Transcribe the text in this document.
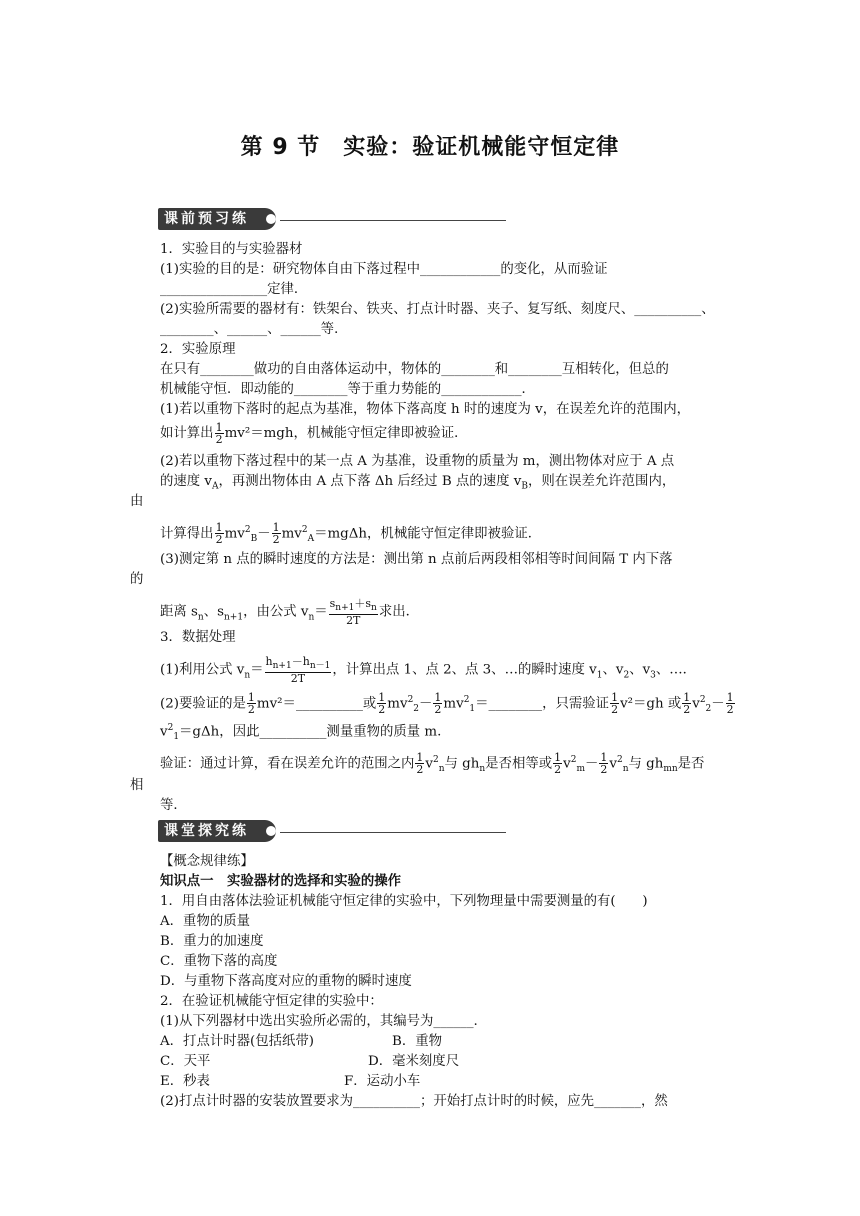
第 9 节　实验：验证机械能守恒定律
课前预习练
1．实验目的与实验器材
(1)实验的目的是：研究物体自由下落过程中____________的变化，从而验证
________________定律．
(2)实验所需要的器材有：铁架台、铁夹、打点计时器、夹子、复写纸、刻度尺、__________、
________、______、______等．
2．实验原理
在只有________做功的自由落体运动中，物体的________和________互相转化，但总的
机械能守恒．即动能的________等于重力势能的____________．
(1)若以重物下落时的起点为基准，物体下落高度 h 时的速度为 v，在误差允许的范围内，
如计算出 $\frac{1}{2} mv^2=mgh$，机械能守恒定律即被验证．
(2)若以重物下落过程中的某一点 A 为基准，设重物的质量为 m，测出物体对应于 A 点
的速度 $v_A$，再测出物体由 A 点下落 Δh 后经过 B 点的速度 $v_B$，则在误差允许范围内，
由
计算得出 $\frac{1}{2} mv^2_B- \frac{1}{2} mv^2_A=mg\Delta h$，机械能守恒定律即被验证．
(3)测定第 n 点的瞬时速度的方法是：测出第 n 点前后两段相邻相等时间间隔 T 内下落
的
距离 $s_n$、$s_{n+1}$，由公式 $v_n= \frac{s_{n+1}+s_n}{2T}$ 求出．
3．数据处理
(1)利用公式 $v_n= \frac{h_{n+1}-h_{n-1}}{2T}$ ，计算出点 1、点 2、点 3、…的瞬时速度 $v_1$、$v_2$、$v_3$、…．
(2)要验证的是 $\frac{1}{2}$ mv²＝__________或 $\frac{1}{2} mv^2_2- \frac{1}{2}$ $mv^2_1=\_\_\_\_\_\_\_\_$，只需验证 $\frac{1}{2} v^2=gh$ 或 $\frac{1}{2} v^2_2- \frac{1}{2}$
$v^2_1=g\Delta h$，因此__________测量重物的质量 m.
验证：通过计算，看在误差允许的范围之内 $\frac{1}{2} v^2_n$与 $gh_n$是否相等或 $\frac{1}{2} v^2_m- \frac{1}{2} v^2_n$与 $gh_{mn}$是否
相
等．
课堂探究练
【概念规律练】
知识点一　实验器材的选择和实验的操作
1．用自由落体法验证机械能守恒定律的实验中，下列物理量中需要测量的有(　　)
A．重物的质量
B．重力的加速度
C．重物下落的高度
D．与重物下落高度对应的重物的瞬时速度
2．在验证机械能守恒定律的实验中：
(1)从下列器材中选出实验所必需的，其编号为______.
A．打点计时器(包括纸带)	B．重物
C．天平	D．毫米刻度尺
E．秒表	F．运动小车
(2)打点计时器的安装放置要求为__________；开始打点计时的时候，应先_______，然
